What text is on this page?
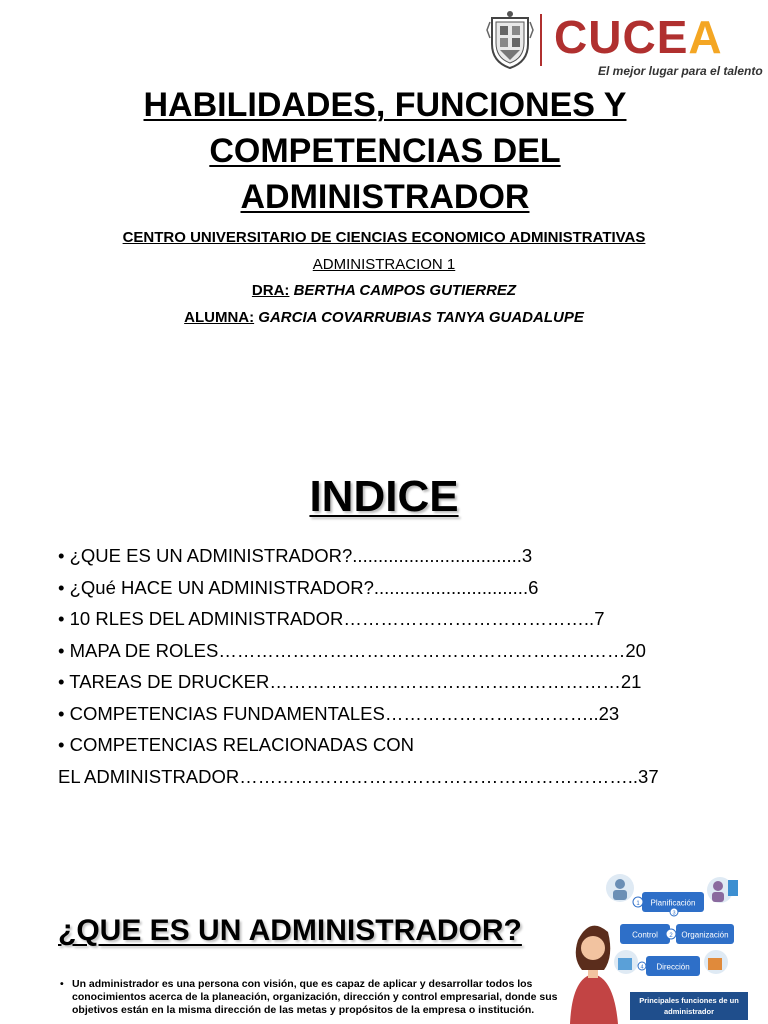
CUCEA
El mejor lugar para el talento
HABILIDADES, FUNCIONES Y
COMPETENCIAS DEL
ADMINISTRADOR
CENTRO UNIVERSITARIO DE CIENCIAS ECONOMICO ADMINISTRATIVAS
ADMINISTRACION 1
DRA: BERTHA CAMPOS GUTIERREZ
ALUMNA: GARCIA COVARRUBIAS TANYA GUADALUPE
INDICE
• ¿QUE ES UN ADMINISTRADOR?.................................3
• ¿Qué HACE UN ADMINISTRADOR?..............................6
• 10 RLES DEL ADMINISTRADOR…………………………………..7
• MAPA DE ROLES…………………………………………………………20
• TAREAS DE DRUCKER…………………………………………………21
• COMPETENCIAS FUNDAMENTALES……………………………..23
• COMPETENCIAS RELACIONADAS CON
EL ADMINISTRADOR………………………………………………………..37
¿QUE ES UN ADMINISTRADOR?
• Un administrador es una persona con visión, que es capaz de aplicar y desarrollar todos los conocimientos acerca de la planeación, organización, dirección y control empresarial, donde sus objetivos están en la misma dirección de las metas y propósitos de la empresa o institución.
Planificación
1
Control 2 Organización
3
Dirección
4
Principales funciones de un
administrador
